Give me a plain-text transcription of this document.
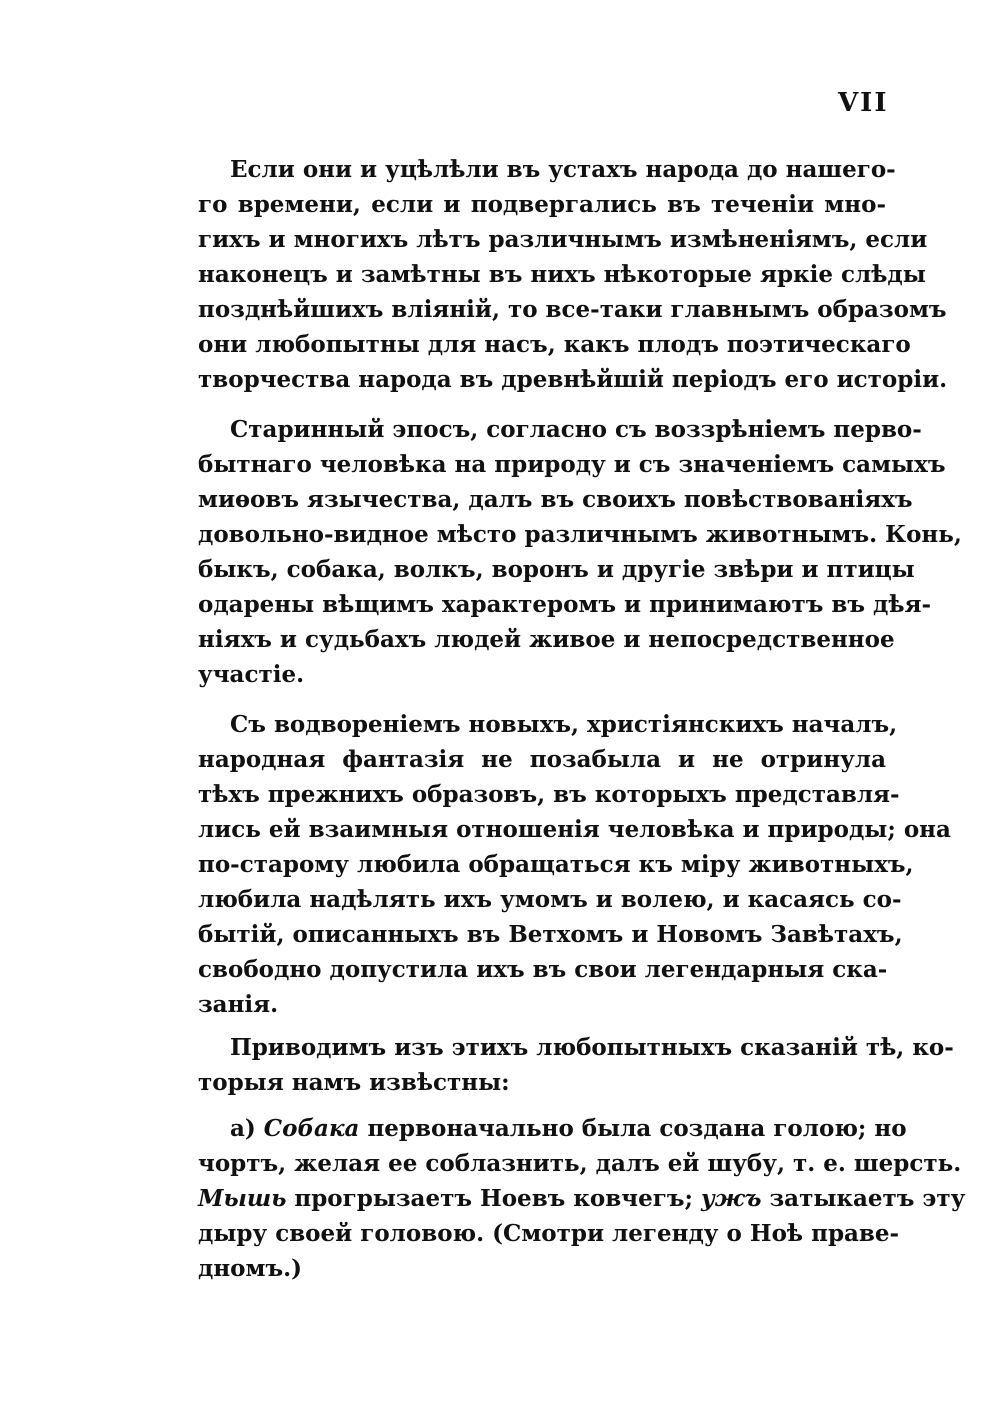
VII
Если они и уцѣлѣли въ устахъ народа до нашего-
го времени, если и подвергались въ теченіи мно-
гихъ и многихъ лѣтъ различнымъ измѣненіямъ, если
наконецъ и замѣтны въ нихъ нѣкоторые яркіе слѣды
позднѣйшихъ вліяній, то все-таки главнымъ образомъ
они любопытны для насъ, какъ плодъ поэтическаго
творчества народа въ древнѣйшій періодъ его исторіи.
Старинный эпосъ, согласно съ воззрѣніемъ перво-
бытнаго человѣка на природу и съ значеніемъ самыхъ
миѳовъ язычества, далъ въ своихъ повѣствованіяхъ
довольно-видное мѣсто различнымъ животнымъ. Конь,
быкъ, собака, волкъ, воронъ и другіе звѣри и птицы
одарены вѣщимъ характеромъ и принимаютъ въ дѣя-
ніяхъ и судьбахъ людей живое и непосредственное
участіе.
Съ водвореніемъ новыхъ, христіянскихъ началъ,
народная фантазія не позабыла и не отринула
тѣхъ прежнихъ образовъ, въ которыхъ представля-
лись ей взаимныя отношенія человѣка и природы; она
по-старому любила обращаться къ міру животныхъ,
любила надѣлять ихъ умомъ и волею, и касаясь со-
бытій, описанныхъ въ Ветхомъ и Новомъ Завѣтахъ,
свободно допустила ихъ въ свои легендарныя ска-
занія.
Приводимъ изъ этихъ любопытныхъ сказаній тѣ, ко-
торыя намъ извѣстны:
а) Собака первоначально была создана голою; но
чортъ, желая ее соблазнить, далъ ей шубу, т. е. шерсть.
Мышь прогрызаетъ Ноевъ ковчегъ; ужъ затыкаетъ эту
дыру своей головою. (Смотри легенду о Ноѣ праве-
дномъ.)
